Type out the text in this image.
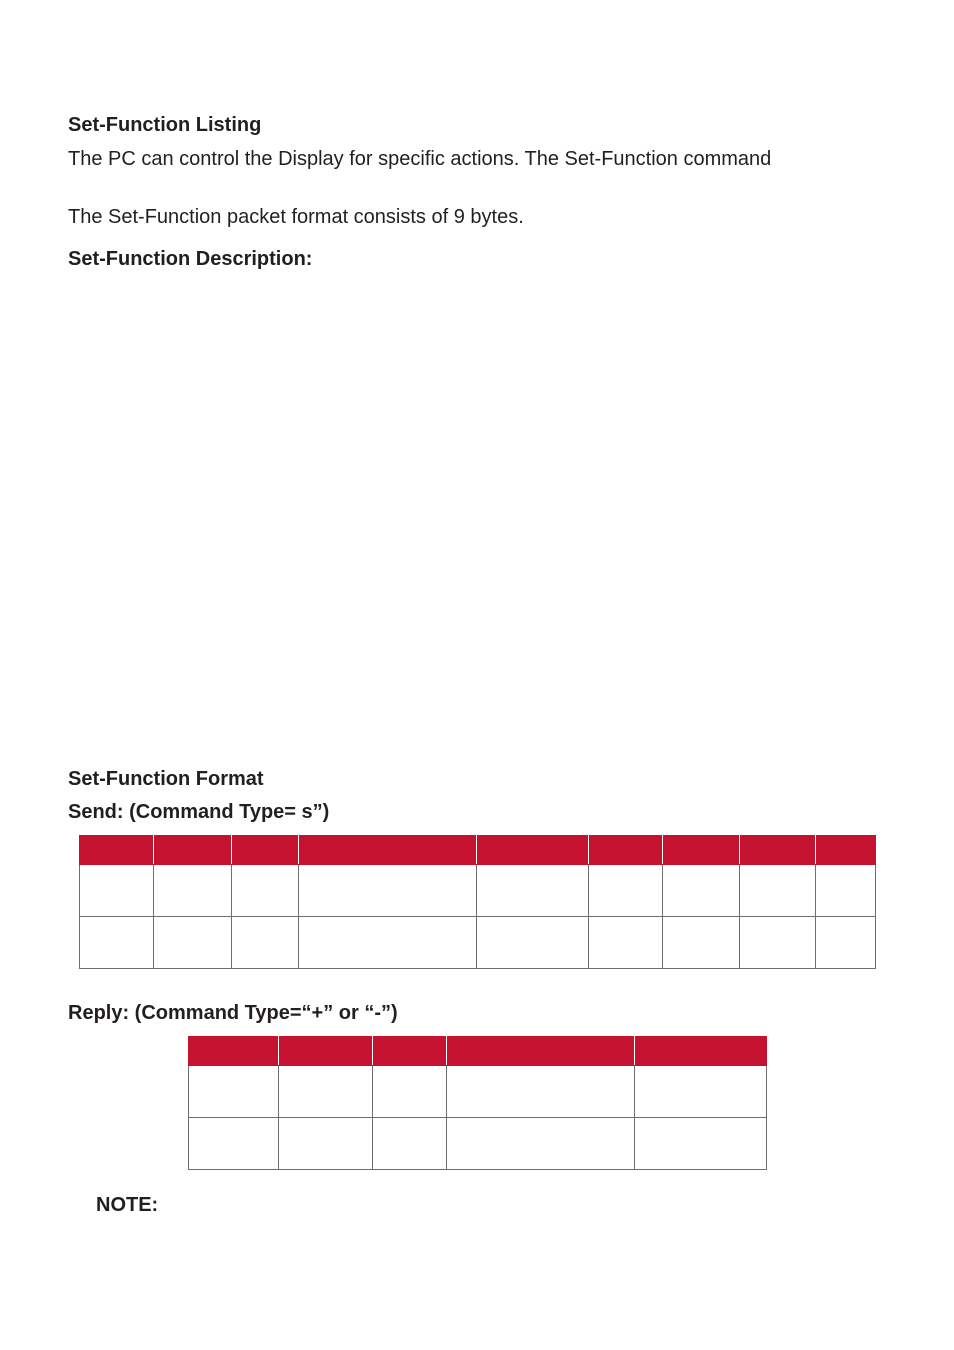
Set-Function Listing
The PC can control the Display for specific actions. The Set-Function command
The Set-Function packet format consists of 9 bytes.
Set-Function Description:
Set-Function Format
Send: (Command Type= s”)

Reply: (Command Type=“+” or “-”)

NOTE:
